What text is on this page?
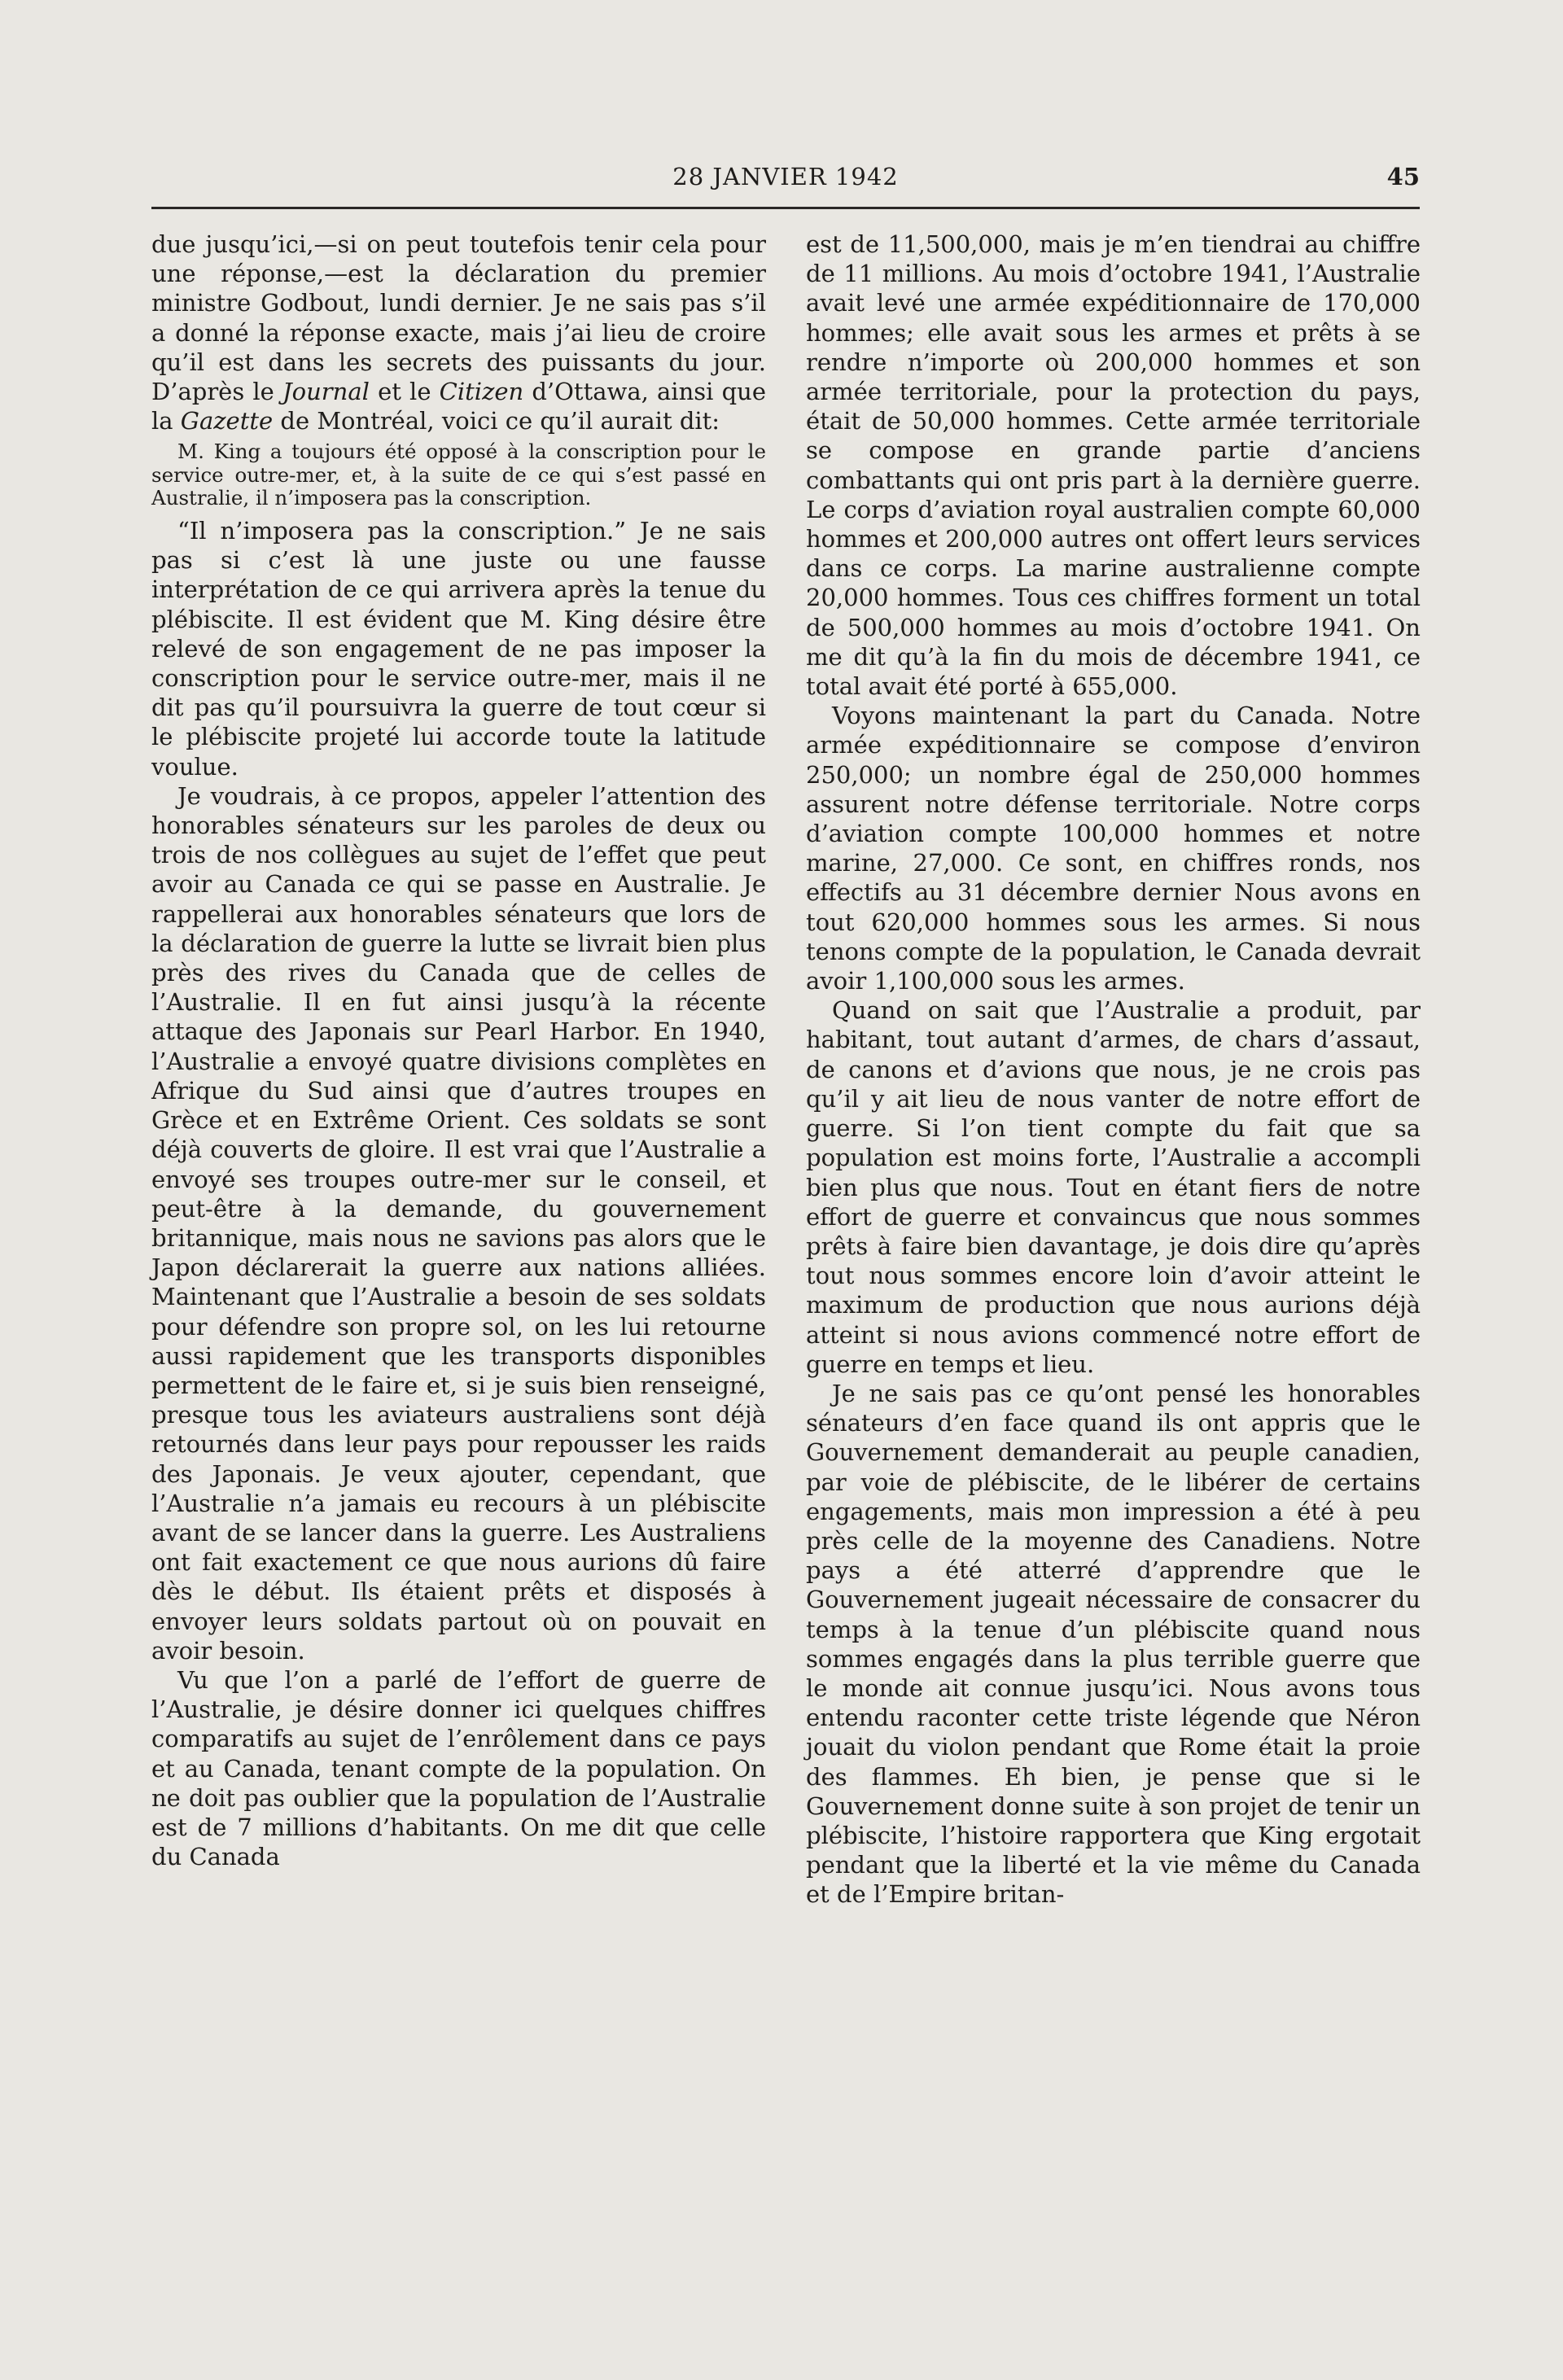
28 JANVIER 1942	45

due jusqu’ici,—si on peut toutefois tenir cela pour une réponse,—est la déclaration du premier ministre Godbout, lundi dernier. Je ne sais pas s’il a donné la réponse exacte, mais j’ai lieu de croire qu’il est dans les secrets des puissants du jour. D’après le Journal et le Citizen d’Ottawa, ainsi que la Gazette de Montréal, voici ce qu’il aurait dit:

M. King a toujours été opposé à la conscription pour le service outre-mer, et, à la suite de ce qui s’est passé en Australie, il n’imposera pas la conscription.

“Il n’imposera pas la conscription.” Je ne sais pas si c’est là une juste ou une fausse interprétation de ce qui arrivera après la tenue du plébiscite. Il est évident que M. King désire être relevé de son engagement de ne pas imposer la conscription pour le service outre-mer, mais il ne dit pas qu’il poursuivra la guerre de tout cœur si le plébiscite projeté lui accorde toute la latitude voulue.

Je voudrais, à ce propos, appeler l’attention des honorables sénateurs sur les paroles de deux ou trois de nos collègues au sujet de l’effet que peut avoir au Canada ce qui se passe en Australie. Je rappellerai aux honorables sénateurs que lors de la déclaration de guerre la lutte se livrait bien plus près des rives du Canada que de celles de l’Australie. Il en fut ainsi jusqu’à la récente attaque des Japonais sur Pearl Harbor. En 1940, l’Australie a envoyé quatre divisions complètes en Afrique du Sud ainsi que d’autres troupes en Grèce et en Extrême Orient. Ces soldats se sont déjà couverts de gloire. Il est vrai que l’Australie a envoyé ses troupes outre-mer sur le conseil, et peut-être à la demande, du gouvernement britannique, mais nous ne savions pas alors que le Japon déclarerait la guerre aux nations alliées. Maintenant que l’Australie a besoin de ses soldats pour défendre son propre sol, on les lui retourne aussi rapidement que les transports disponibles permettent de le faire et, si je suis bien renseigné, presque tous les aviateurs australiens sont déjà retournés dans leur pays pour repousser les raids des Japonais. Je veux ajouter, cependant, que l’Australie n’a jamais eu recours à un plébiscite avant de se lancer dans la guerre. Les Australiens ont fait exactement ce que nous aurions dû faire dès le début. Ils étaient prêts et disposés à envoyer leurs soldats partout où on pouvait en avoir besoin.

Vu que l’on a parlé de l’effort de guerre de l’Australie, je désire donner ici quelques chiffres comparatifs au sujet de l’enrôlement dans ce pays et au Canada, tenant compte de la population. On ne doit pas oublier que la population de l’Australie est de 7 millions d’habitants. On me dit que celle du Canada

est de 11,500,000, mais je m’en tiendrai au chiffre de 11 millions. Au mois d’octobre 1941, l’Australie avait levé une armée expéditionnaire de 170,000 hommes; elle avait sous les armes et prêts à se rendre n’importe où 200,000 hommes et son armée territoriale, pour la protection du pays, était de 50,000 hommes. Cette armée territoriale se compose en grande partie d’anciens combattants qui ont pris part à la dernière guerre. Le corps d’aviation royal australien compte 60,000 hommes et 200,000 autres ont offert leurs services dans ce corps. La marine australienne compte 20,000 hommes. Tous ces chiffres forment un total de 500,000 hommes au mois d’octobre 1941. On me dit qu’à la fin du mois de décembre 1941, ce total avait été porté à 655,000.

Voyons maintenant la part du Canada. Notre armée expéditionnaire se compose d’environ 250,000; un nombre égal de 250,000 hommes assurent notre défense territoriale. Notre corps d’aviation compte 100,000 hommes et notre marine, 27,000. Ce sont, en chiffres ronds, nos effectifs au 31 décembre dernier Nous avons en tout 620,000 hommes sous les armes. Si nous tenons compte de la population, le Canada devrait avoir 1,100,000 sous les armes.

Quand on sait que l’Australie a produit, par habitant, tout autant d’armes, de chars d’assaut, de canons et d’avions que nous, je ne crois pas qu’il y ait lieu de nous vanter de notre effort de guerre. Si l’on tient compte du fait que sa population est moins forte, l’Australie a accompli bien plus que nous. Tout en étant fiers de notre effort de guerre et convaincus que nous sommes prêts à faire bien davantage, je dois dire qu’après tout nous sommes encore loin d’avoir atteint le maximum de production que nous aurions déjà atteint si nous avions commencé notre effort de guerre en temps et lieu.

Je ne sais pas ce qu’ont pensé les honorables sénateurs d’en face quand ils ont appris que le Gouvernement demanderait au peuple canadien, par voie de plébiscite, de le libérer de certains engagements, mais mon impression a été à peu près celle de la moyenne des Canadiens. Notre pays a été atterré d’apprendre que le Gouvernement jugeait nécessaire de consacrer du temps à la tenue d’un plébiscite quand nous sommes engagés dans la plus terrible guerre que le monde ait connue jusqu’ici. Nous avons tous entendu raconter cette triste légende que Néron jouait du violon pendant que Rome était la proie des flammes. Eh bien, je pense que si le Gouvernement donne suite à son projet de tenir un plébiscite, l’histoire rapportera que King ergotait pendant que la liberté et la vie même du Canada et de l’Empire britan-
